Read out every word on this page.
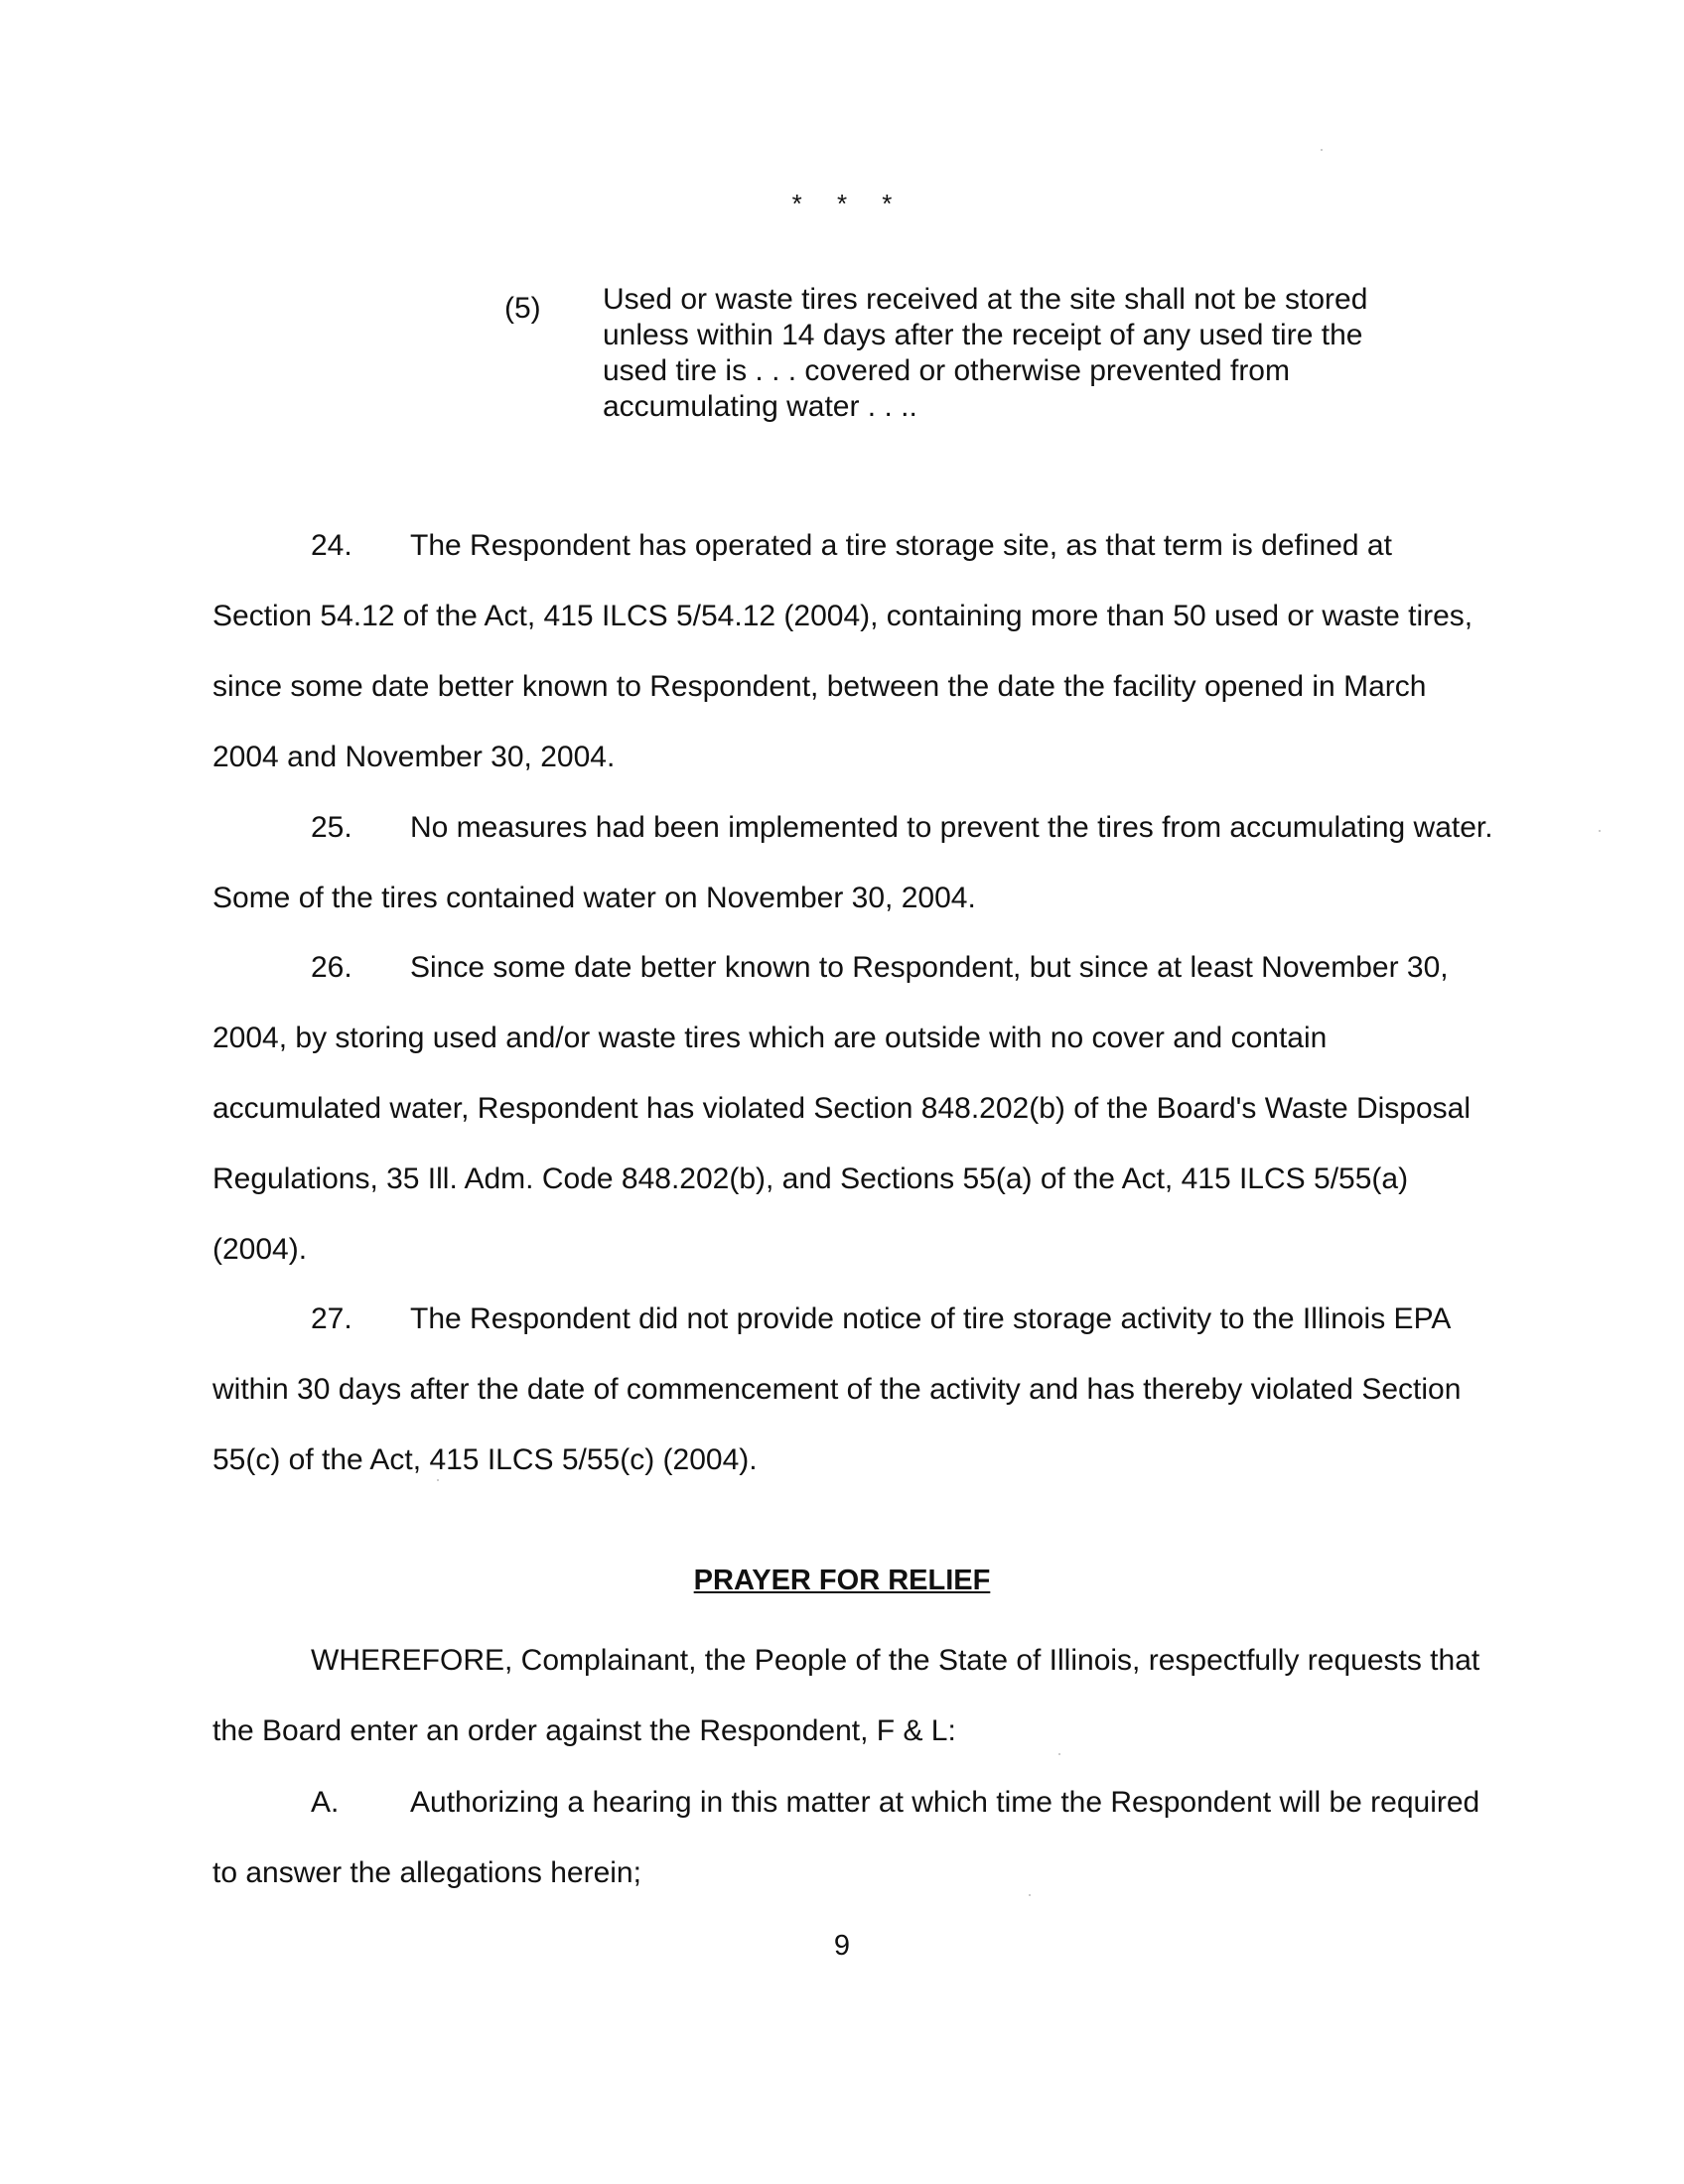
* * *
(5) Used or waste tires received at the site shall not be stored unless within 14 days after the receipt of any used tire the used tire is . . . covered or otherwise prevented from accumulating water . . ..
24. The Respondent has operated a tire storage site, as that term is defined at Section 54.12 of the Act, 415 ILCS 5/54.12 (2004), containing more than 50 used or waste tires, since some date better known to Respondent, between the date the facility opened in March 2004 and November 30, 2004.
25. No measures had been implemented to prevent the tires from accumulating water. Some of the tires contained water on November 30, 2004.
26. Since some date better known to Respondent, but since at least November 30, 2004, by storing used and/or waste tires which are outside with no cover and contain accumulated water, Respondent has violated Section 848.202(b) of the Board's Waste Disposal Regulations, 35 Ill. Adm. Code 848.202(b), and Sections 55(a) of the Act, 415 ILCS 5/55(a) (2004).
27. The Respondent did not provide notice of tire storage activity to the Illinois EPA within 30 days after the date of commencement of the activity and has thereby violated Section 55(c) of the Act, 415 ILCS 5/55(c) (2004).
PRAYER FOR RELIEF
WHEREFORE, Complainant, the People of the State of Illinois, respectfully requests that the Board enter an order against the Respondent, F & L:
A. Authorizing a hearing in this matter at which time the Respondent will be required to answer the allegations herein;
9
